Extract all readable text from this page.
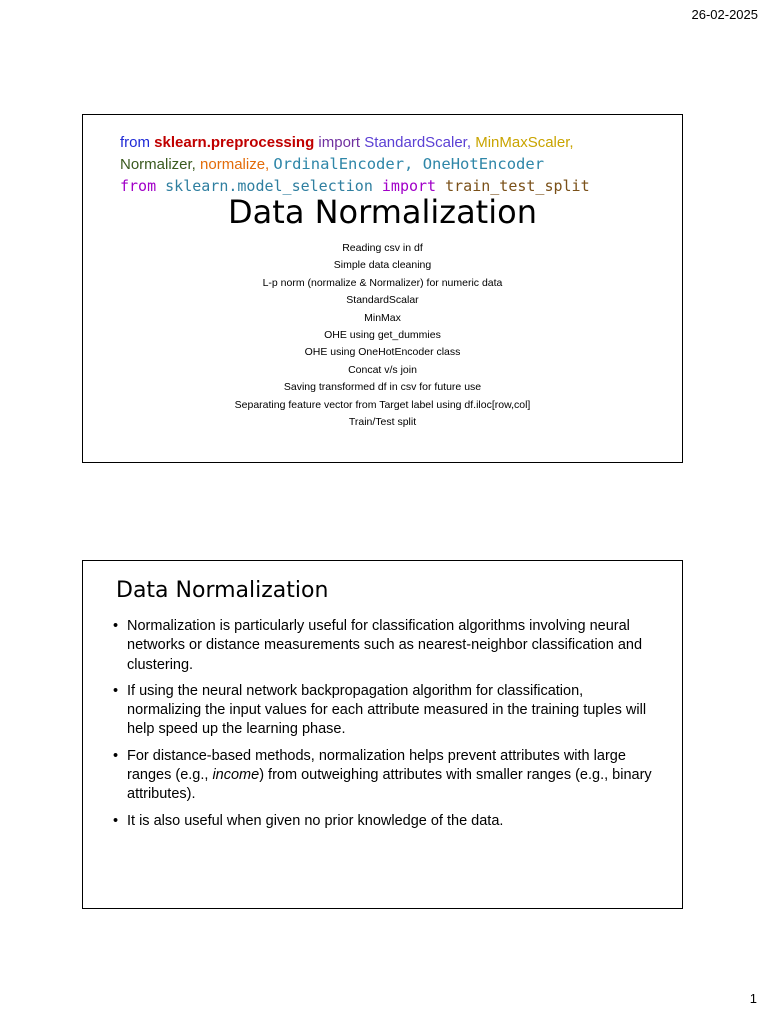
26-02-2025
from sklearn.preprocessing import StandardScaler, MinMaxScaler,
Normalizer, normalize, OrdinalEncoder, OneHotEncoder
from sklearn.model_selection import train_test_split
Data Normalization
Reading csv in df
Simple data cleaning
L-p norm (normalize & Normalizer) for numeric data
StandardScalar
MinMax
OHE using get_dummies
OHE using OneHotEncoder class
Concat v/s join
Saving transformed df in csv for future use
Separating feature vector from Target label using df.iloc[row,col]
Train/Test split
Data Normalization
• Normalization is particularly useful for classification algorithms involving neural networks or distance measurements such as nearest-neighbor classification and clustering.
• If using the neural network backpropagation algorithm for classification, normalizing the input values for each attribute measured in the training tuples will help speed up the learning phase.
• For distance-based methods, normalization helps prevent attributes with large ranges (e.g., income) from outweighing attributes with smaller ranges (e.g., binary attributes).
• It is also useful when given no prior knowledge of the data.
1
